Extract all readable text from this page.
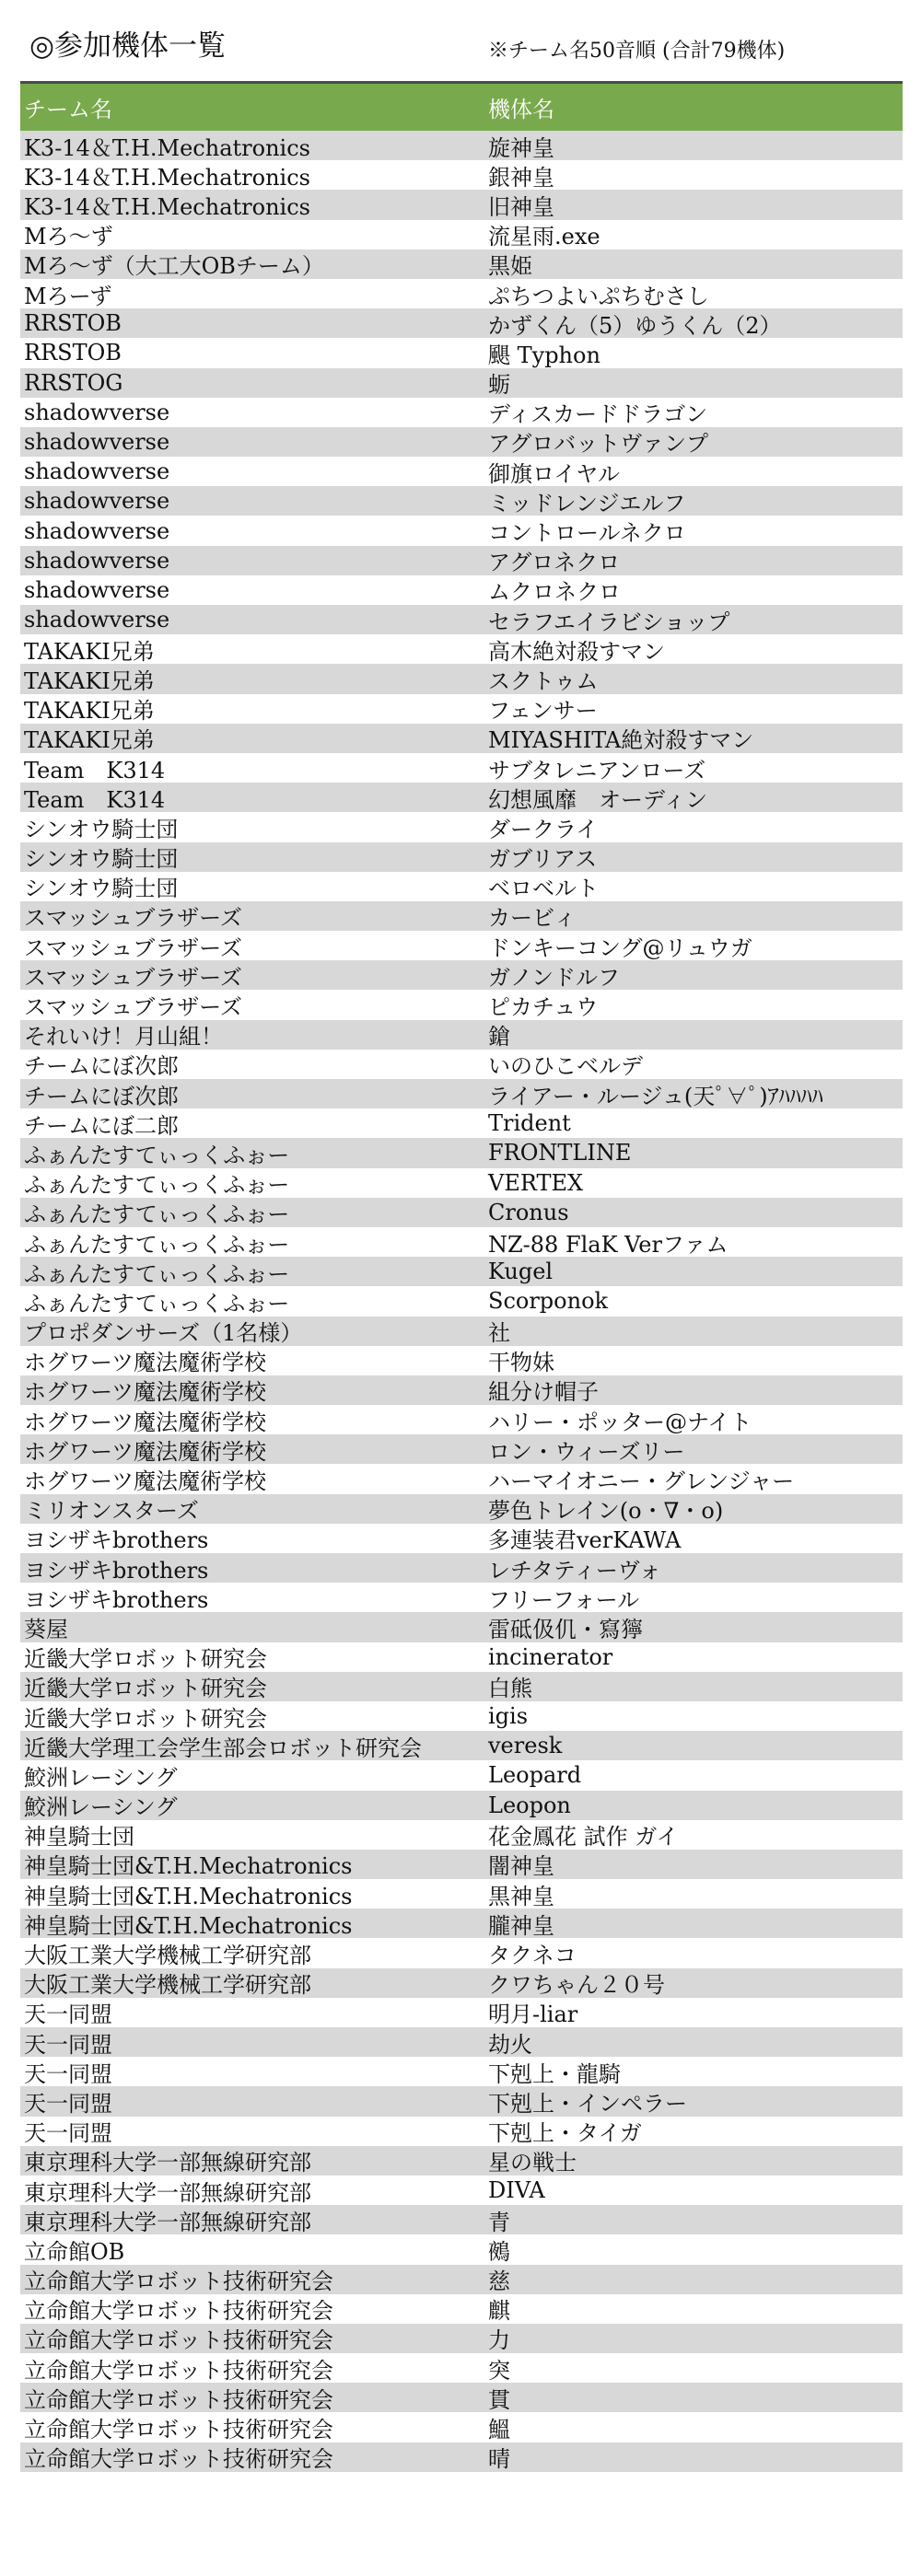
◎参加機体一覧	※チーム名50音順 (合計79機体)
チーム名	機体名
K3-14＆T.H.Mechatronics	旋神皇
K3-14＆T.H.Mechatronics	銀神皇
K3-14＆T.H.Mechatronics	旧神皇
Mろ～ず	流星雨.exe
Mろ～ず（大工大OBチーム）	黒姫
Mろーず	ぷちつよいぷちむさし
RRSTOB	かずくん（5）ゆうくん（2）
RRSTOB	颶 Typhon
RRSTOG	蛎
shadowverse	ディスカードドラゴン
shadowverse	アグロバットヴァンプ
shadowverse	御旗ロイヤル
shadowverse	ミッドレンジエルフ
shadowverse	コントロールネクロ
shadowverse	アグロネクロ
shadowverse	ムクロネクロ
shadowverse	セラフエイラビショップ
TAKAKI兄弟	高木絶対殺すマン
TAKAKI兄弟	スクトゥム
TAKAKI兄弟	フェンサー
TAKAKI兄弟	MIYASHITA絶対殺すマン
Team　K314	サブタレニアンローズ
Team　K314	幻想風靡　オーディン
シンオウ騎士団	ダークライ
シンオウ騎士団	ガブリアス
シンオウ騎士団	ベロベルト
スマッシュブラザーズ	カービィ
スマッシュブラザーズ	ドンキーコング@リュウガ
スマッシュブラザーズ	ガノンドルフ
スマッシュブラザーズ	ピカチュウ
それいけ！月山組！	鎗
チームにぼ次郎	いのひこベルデ
チームにぼ次郎	ライアー・ルージュ(天ﾟ∀ﾟ)ｱﾊﾊﾊﾊ
チームにぼ二郎	Trident
ふぁんたすてぃっくふぉー	FRONTLINE
ふぁんたすてぃっくふぉー	VERTEX
ふぁんたすてぃっくふぉー	Cronus
ふぁんたすてぃっくふぉー	NZ-88 FlaK Verファム
ふぁんたすてぃっくふぉー	Kugel
ふぁんたすてぃっくふぉー	Scorponok
プロポダンサーズ（1名様）	社
ホグワーツ魔法魔術学校	干物妹
ホグワーツ魔法魔術学校	組分け帽子
ホグワーツ魔法魔術学校	ハリー・ポッター@ナイト
ホグワーツ魔法魔術学校	ロン・ウィーズリー
ホグワーツ魔法魔術学校	ハーマイオニー・グレンジャー
ミリオンスターズ	夢色トレイン(o・∇・o)
ヨシザキbrothers	多連装君verKAWA
ヨシザキbrothers	レチタティーヴォ
ヨシザキbrothers	フリーフォール
葵屋	雷砥伋仉・寫獰
近畿大学ロボット研究会	incinerator
近畿大学ロボット研究会	白熊
近畿大学ロボット研究会	igis
近畿大学理工会学生部会ロボット研究会	veresk
鮫洲レーシング	Leopard
鮫洲レーシング	Leopon
神皇騎士団	花金鳳花 試作 ガイ
神皇騎士団&T.H.Mechatronics	闇神皇
神皇騎士団&T.H.Mechatronics	黒神皇
神皇騎士団&T.H.Mechatronics	朧神皇
大阪工業大学機械工学研究部	タクネコ
大阪工業大学機械工学研究部	クワちゃん２０号
天一同盟	明月-liar
天一同盟	劫火
天一同盟	下剋上・龍騎
天一同盟	下剋上・インペラー
天一同盟	下剋上・タイガ
東京理科大学一部無線研究部	星の戦士
東京理科大学一部無線研究部	DIVA
東京理科大学一部無線研究部	青
立命館OB	鵺
立命館大学ロボット技術研究会	慈
立命館大学ロボット技術研究会	麒
立命館大学ロボット技術研究会	力
立命館大学ロボット技術研究会	突
立命館大学ロボット技術研究会	貫
立命館大学ロボット技術研究会	鰮
立命館大学ロボット技術研究会	晴
